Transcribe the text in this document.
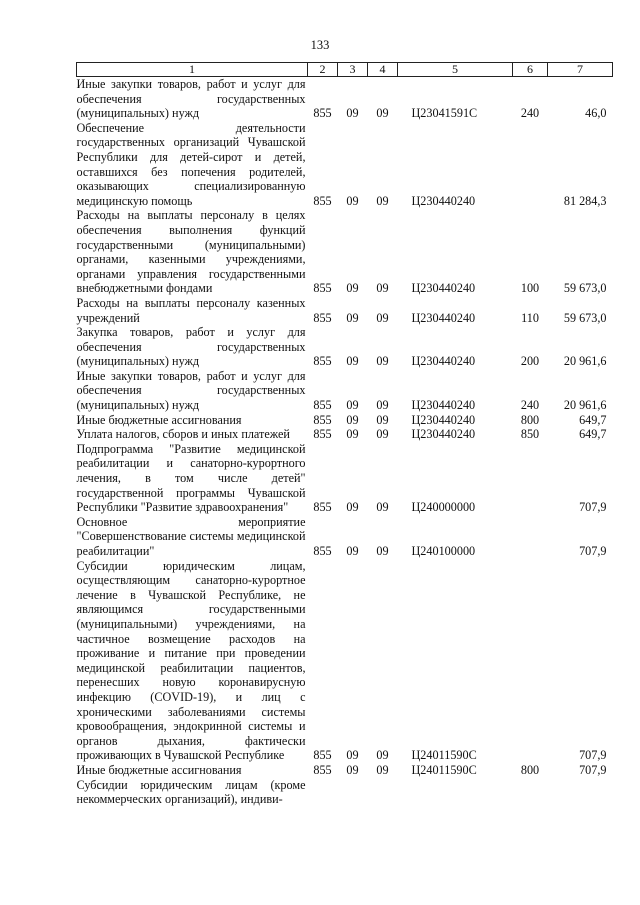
133
1	2	3	4	5	6	7
Иные закупки товаров, работ и услуг для обеспечения государственных (муниципальных) нужд	855	09	09	Ц23041591С	240	46,0
Обеспечение деятельности государственных организаций Чувашской Республики для детей-сирот и детей, оставшихся без попечения родителей, оказывающих специализированную медицинскую помощь	855	09	09	Ц230440240		81 284,3
Расходы на выплаты персоналу в целях обеспечения выполнения функций государственными (муниципальными) органами, казенными учреждениями, органами управления государственными внебюджетными фондами	855	09	09	Ц230440240	100	59 673,0
Расходы на выплаты персоналу казенных учреждений	855	09	09	Ц230440240	110	59 673,0
Закупка товаров, работ и услуг для обеспечения государственных (муниципальных) нужд	855	09	09	Ц230440240	200	20 961,6
Иные закупки товаров, работ и услуг для обеспечения государственных (муниципальных) нужд	855	09	09	Ц230440240	240	20 961,6
Иные бюджетные ассигнования	855	09	09	Ц230440240	800	649,7
Уплата налогов, сборов и иных платежей	855	09	09	Ц230440240	850	649,7
Подпрограмма "Развитие медицинской реабилитации и санаторно-курортного лечения, в том числе детей" государственной программы Чувашской Республики "Развитие здравоохранения"	855	09	09	Ц240000000		707,9
Основное мероприятие "Совершенствование системы медицинской реабилитации"	855	09	09	Ц240100000		707,9
Субсидии юридическим лицам, осуществляющим санаторно-курортное лечение в Чувашской Республике, не являющимся государственными (муниципальными) учреждениями, на частичное возмещение расходов на проживание и питание при проведении медицинской реабилитации пациентов, перенесших новую коронавирусную инфекцию (COVID-19), и лиц с хроническими заболеваниями системы кровообращения, эндокринной системы и органов дыхания, фактически проживающих в Чувашской Республике	855	09	09	Ц24011590С		707,9
Иные бюджетные ассигнования	855	09	09	Ц24011590С	800	707,9
Субсидии юридическим лицам (кроме некоммерческих организаций), индиви-						
